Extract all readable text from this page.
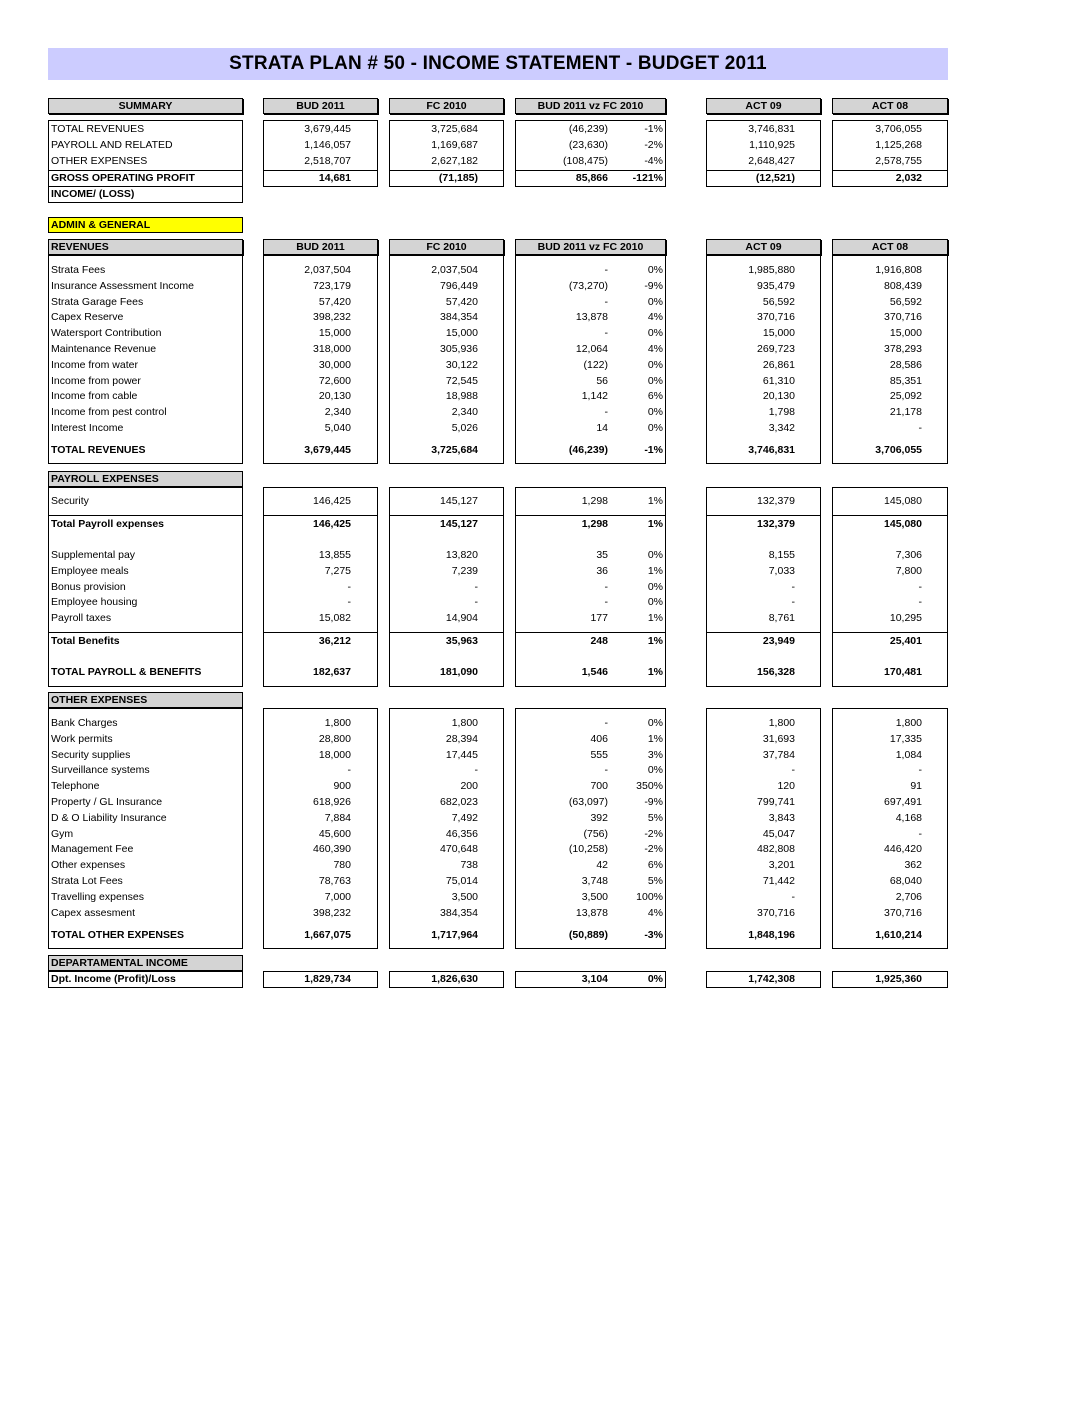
STRATA PLAN # 50 - INCOME STATEMENT - BUDGET 2011
SUMMARY	BUD 2011	FC 2010	BUD 2011 vz FC 2010	ACT 09	ACT 08
TOTAL REVENUES	3,679,445	3,725,684	(46,239)	-1%	3,746,831	3,706,055
PAYROLL AND RELATED	1,146,057	1,169,687	(23,630)	-2%	1,110,925	1,125,268
OTHER EXPENSES	2,518,707	2,627,182	(108,475)	-4%	2,648,427	2,578,755
GROSS OPERATING PROFIT	14,681	(71,185)	85,866	-121%	(12,521)	2,032
INCOME/ (LOSS)
ADMIN & GENERAL
REVENUES	BUD 2011	FC 2010	BUD 2011 vz FC 2010	ACT 09	ACT 08
Strata Fees	2,037,504	2,037,504	-	0%	1,985,880	1,916,808
Insurance Assessment Income	723,179	796,449	(73,270)	-9%	935,479	808,439
Strata Garage Fees	57,420	57,420	-	0%	56,592	56,592
Capex Reserve	398,232	384,354	13,878	4%	370,716	370,716
Watersport Contribution	15,000	15,000	-	0%	15,000	15,000
Maintenance Revenue	318,000	305,936	12,064	4%	269,723	378,293
Income from water	30,000	30,122	(122)	0%	26,861	28,586
Income from power	72,600	72,545	56	0%	61,310	85,351
Income from cable	20,130	18,988	1,142	6%	20,130	25,092
Income from pest control	2,340	2,340	-	0%	1,798	21,178
Interest Income	5,040	5,026	14	0%	3,342	-
TOTAL REVENUES	3,679,445	3,725,684	(46,239)	-1%	3,746,831	3,706,055
PAYROLL EXPENSES
Security	146,425	145,127	1,298	1%	132,379	145,080
Total Payroll expenses	146,425	145,127	1,298	1%	132,379	145,080
Supplemental pay	13,855	13,820	35	0%	8,155	7,306
Employee meals	7,275	7,239	36	1%	7,033	7,800
Bonus provision	-	-	-	0%	-	-
Employee housing	-	-	-	0%	-	-
Payroll taxes	15,082	14,904	177	1%	8,761	10,295
Total Benefits	36,212	35,963	248	1%	23,949	25,401
TOTAL PAYROLL & BENEFITS	182,637	181,090	1,546	1%	156,328	170,481
OTHER EXPENSES
Bank Charges	1,800	1,800	-	0%	1,800	1,800
Work permits	28,800	28,394	406	1%	31,693	17,335
Security supplies	18,000	17,445	555	3%	37,784	1,084
Surveillance systems	-	-	-	0%	-	-
Telephone	900	200	700	350%	120	91
Property / GL Insurance	618,926	682,023	(63,097)	-9%	799,741	697,491
D & O Liability Insurance	7,884	7,492	392	5%	3,843	4,168
Gym	45,600	46,356	(756)	-2%	45,047	-
Management Fee	460,390	470,648	(10,258)	-2%	482,808	446,420
Other expenses	780	738	42	6%	3,201	362
Strata Lot Fees	78,763	75,014	3,748	5%	71,442	68,040
Travelling expenses	7,000	3,500	3,500	100%	-	2,706
Capex assesment	398,232	384,354	13,878	4%	370,716	370,716
TOTAL OTHER EXPENSES	1,667,075	1,717,964	(50,889)	-3%	1,848,196	1,610,214
DEPARTAMENTAL INCOME
Dpt. Income (Profit)/Loss	1,829,734	1,826,630	3,104	0%	1,742,308	1,925,360
